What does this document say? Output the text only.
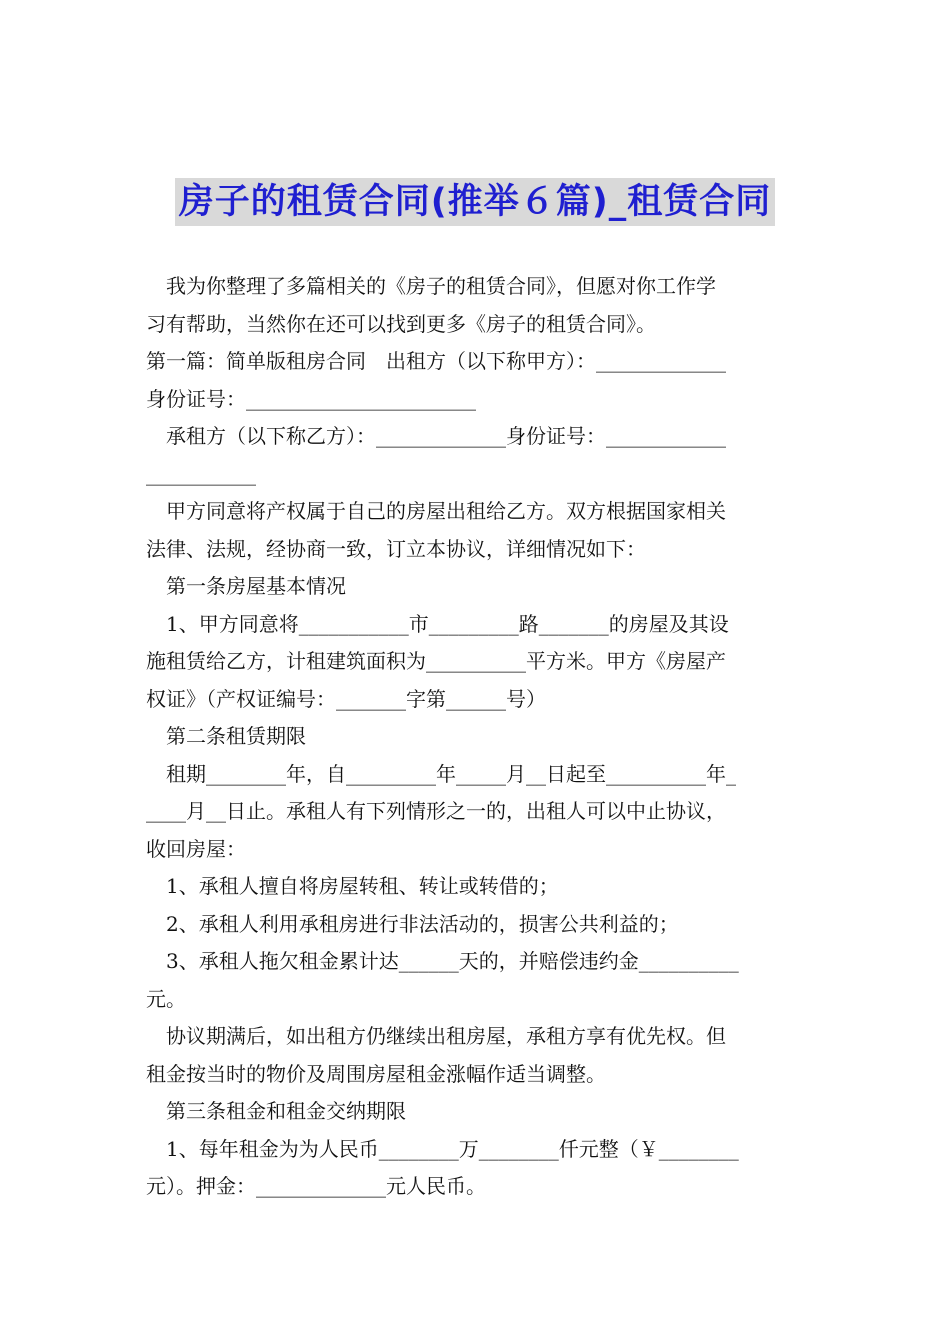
房子的租赁合同(推举６篇)_租赁合同
我为你整理了多篇相关的《房子的租赁合同》，但愿对你工作学
习有帮助，当然你在还可以找到更多《房子的租赁合同》。
第一篇：简单版租房合同　出租方（以下称甲方）：_____________
身份证号：_______________________
承租方（以下称乙方）：_____________身份证号：____________
___________
甲方同意将产权属于自己的房屋出租给乙方。双方根据国家相关
法律、法规，经协商一致，订立本协议，详细情况如下：
第一条房屋基本情况
1、甲方同意将___________市_________路_______的房屋及其设
施租赁给乙方，计租建筑面积为__________平方米。甲方《房屋产
权证》（产权证编号：_______字第______号）
第二条租赁期限
租期________年，自_________年_____月__日起至__________年_
____月__日止。承租人有下列情形之一的，出租人可以中止协议，
收回房屋：
1、承租人擅自将房屋转租、转让或转借的；
2、承租人利用承租房进行非法活动的，损害公共利益的；
3、承租人拖欠租金累计达______天的，并赔偿违约金__________
元。
协议期满后，如出租方仍继续出租房屋，承租方享有优先权。但
租金按当时的物价及周围房屋租金涨幅作适当调整。
第三条租金和租金交纳期限
1、每年租金为为人民币________万________仟元整（￥________
元）。押金：_____________元人民币。
